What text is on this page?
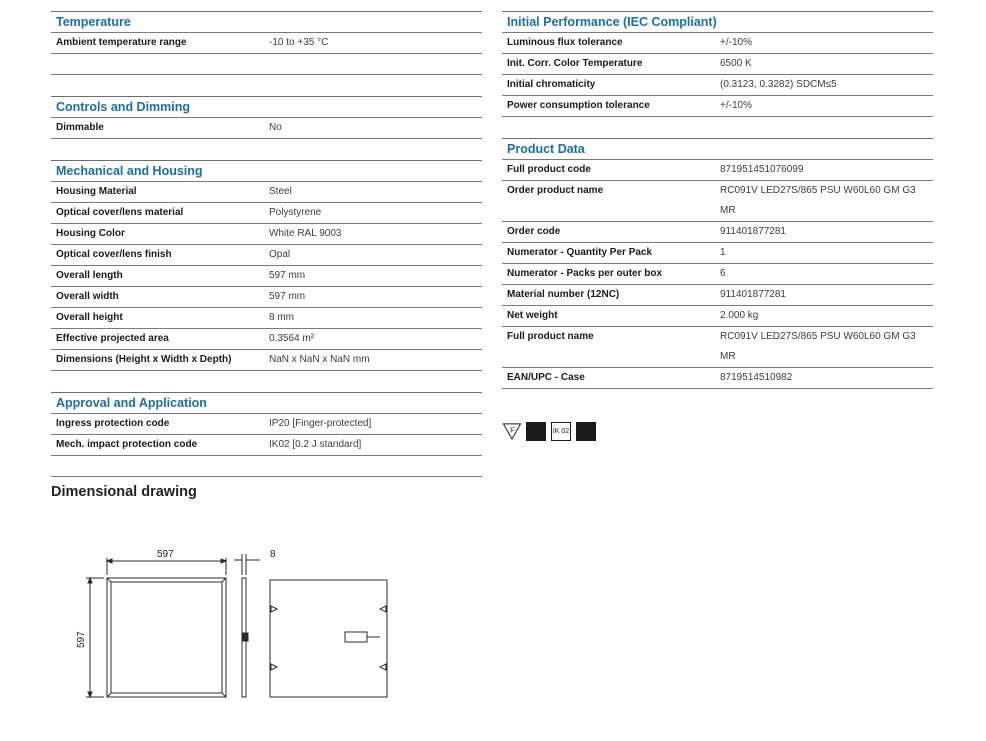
Temperature
Ambient temperature range	-10 to +35 °C
Controls and Dimming
Dimmable	No
Mechanical and Housing
Housing Material	Steel
Optical cover/lens material	Polystyrene
Housing Color	White RAL 9003
Optical cover/lens finish	Opal
Overall length	597 mm
Overall width	597 mm
Overall height	8 mm
Effective projected area	0.3564 m²
Dimensions (Height x Width x Depth)	NaN x NaN x NaN mm
Approval and Application
Ingress protection code	IP20 [Finger-protected]
Mech. impact protection code	IK02 [0.2 J standard]
Initial Performance (IEC Compliant)
Luminous flux tolerance	+/-10%
Init. Corr. Color Temperature	6500 K
Initial chromaticity	(0.3123, 0.3282) SDCM≤5
Power consumption tolerance	+/-10%
Product Data
Full product code	871951451076099
Order product name	RC091V LED27S/865 PSU W60L60 GM G3 MR
Order code	911401877281
Numerator - Quantity Per Pack	1
Numerator - Packs per outer box	6
Material number (12NC)	911401877281
Net weight	2.000 kg
Full product name	RC091V LED27S/865 PSU W60L60 GM G3 MR
EAN/UPC - Case	8719514510982
F	IK 02
Dimensional drawing
597	8
597
